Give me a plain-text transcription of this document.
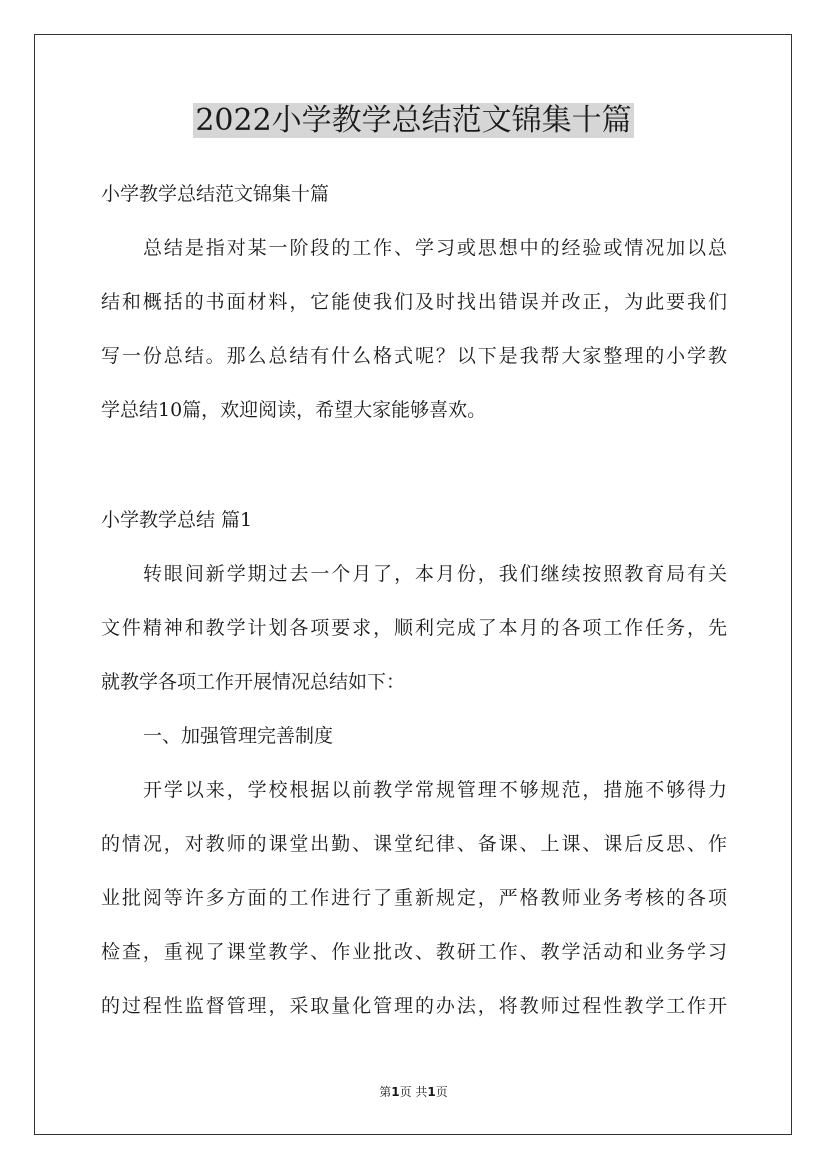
2022小学教学总结范文锦集十篇

小学教学总结范文锦集十篇

总结是指对某一阶段的工作、学习或思想中的经验或情况加以总

结和概括的书面材料，它能使我们及时找出错误并改正，为此要我们

写一份总结。那么总结有什么格式呢？以下是我帮大家整理的小学教

学总结10篇，欢迎阅读，希望大家能够喜欢。

小学教学总结 篇1

转眼间新学期过去一个月了，本月份，我们继续按照教育局有关

文件精神和教学计划各项要求，顺利完成了本月的各项工作任务，先

就教学各项工作开展情况总结如下：

一、加强管理完善制度

开学以来，学校根据以前教学常规管理不够规范，措施不够得力

的情况，对教师的课堂出勤、课堂纪律、备课、上课、课后反思、作

业批阅等许多方面的工作进行了重新规定，严格教师业务考核的各项

检查，重视了课堂教学、作业批改、教研工作、教学活动和业务学习

的过程性监督管理，采取量化管理的办法，将教师过程性教学工作开

第1页 共1页
